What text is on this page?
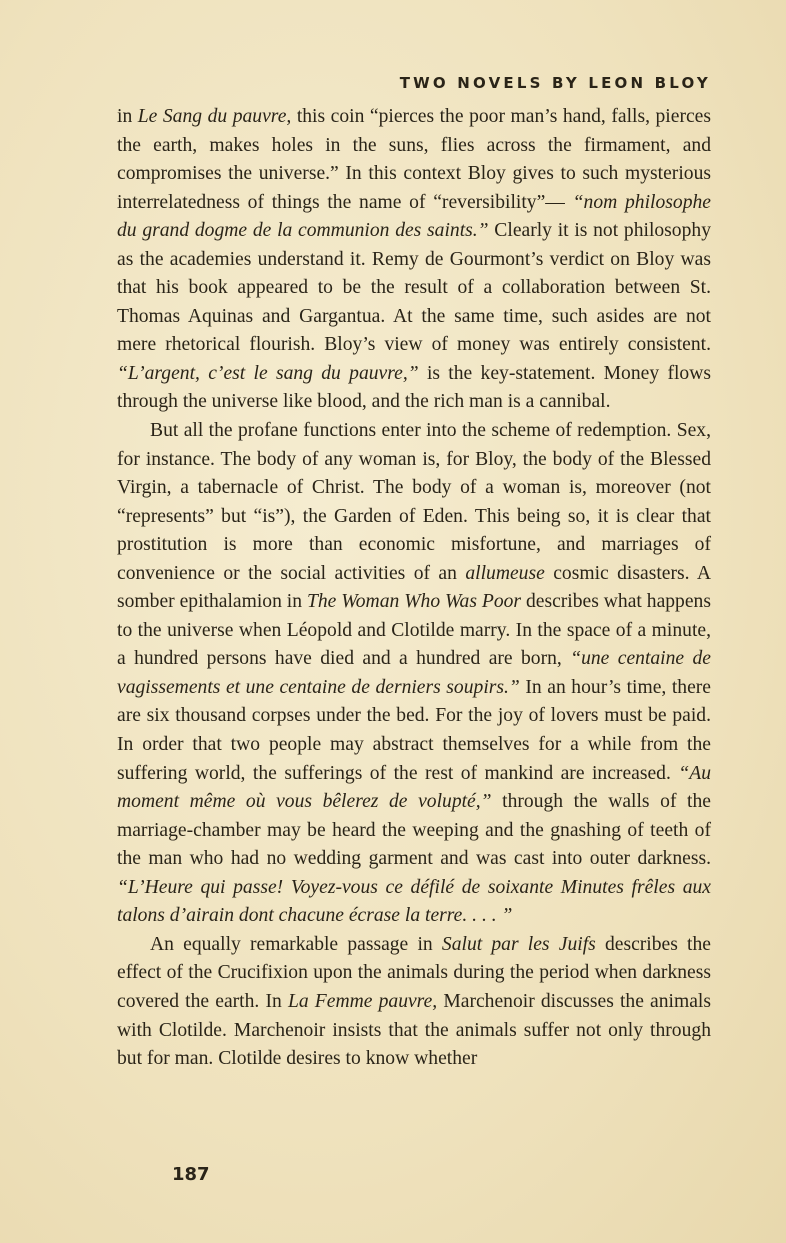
TWO NOVELS BY LEON BLOY

in Le Sang du pauvre, this coin “pierces the poor man’s hand, falls, pierces the earth, makes holes in the suns, flies across the firmament, and compromises the universe.” In this context Bloy gives to such mysterious interrelatedness of things the name of “reversibility”— “nom philosophe du grand dogme de la communion des saints.” Clearly it is not philosophy as the academies understand it. Remy de Gourmont’s verdict on Bloy was that his book appeared to be the result of a collaboration between St. Thomas Aquinas and Gargantua. At the same time, such asides are not mere rhetorical flourish. Bloy’s view of money was entirely consistent. “L’argent, c’est le sang du pauvre,” is the key-statement. Money flows through the universe like blood, and the rich man is a cannibal.

But all the profane functions enter into the scheme of redemption. Sex, for instance. The body of any woman is, for Bloy, the body of the Blessed Virgin, a tabernacle of Christ. The body of a woman is, moreover (not “represents” but “is”), the Garden of Eden. This being so, it is clear that prostitution is more than economic misfortune, and marriages of convenience or the social activities of an allumeuse cosmic disasters. A somber epithalamion in The Woman Who Was Poor describes what happens to the universe when Léopold and Clotilde marry. In the space of a minute, a hundred persons have died and a hundred are born, “une centaine de vagissements et une centaine de derniers soupirs.” In an hour’s time, there are six thousand corpses under the bed. For the joy of lovers must be paid. In order that two people may abstract themselves for a while from the suffering world, the sufferings of the rest of mankind are increased. “Au moment même où vous bêlerez de volupté,” through the walls of the marriage-chamber may be heard the weeping and the gnashing of teeth of the man who had no wedding garment and was cast into outer darkness. “L’Heure qui passe! Voyez-vous ce défilé de soixante Minutes frêles aux talons d’airain dont chacune écrase la terre. . . . ”

An equally remarkable passage in Salut par les Juifs describes the effect of the Crucifixion upon the animals during the period when darkness covered the earth. In La Femme pauvre, Marchenoir discusses the animals with Clotilde. Marchenoir insists that the animals suffer not only through but for man. Clotilde desires to know whether

187
